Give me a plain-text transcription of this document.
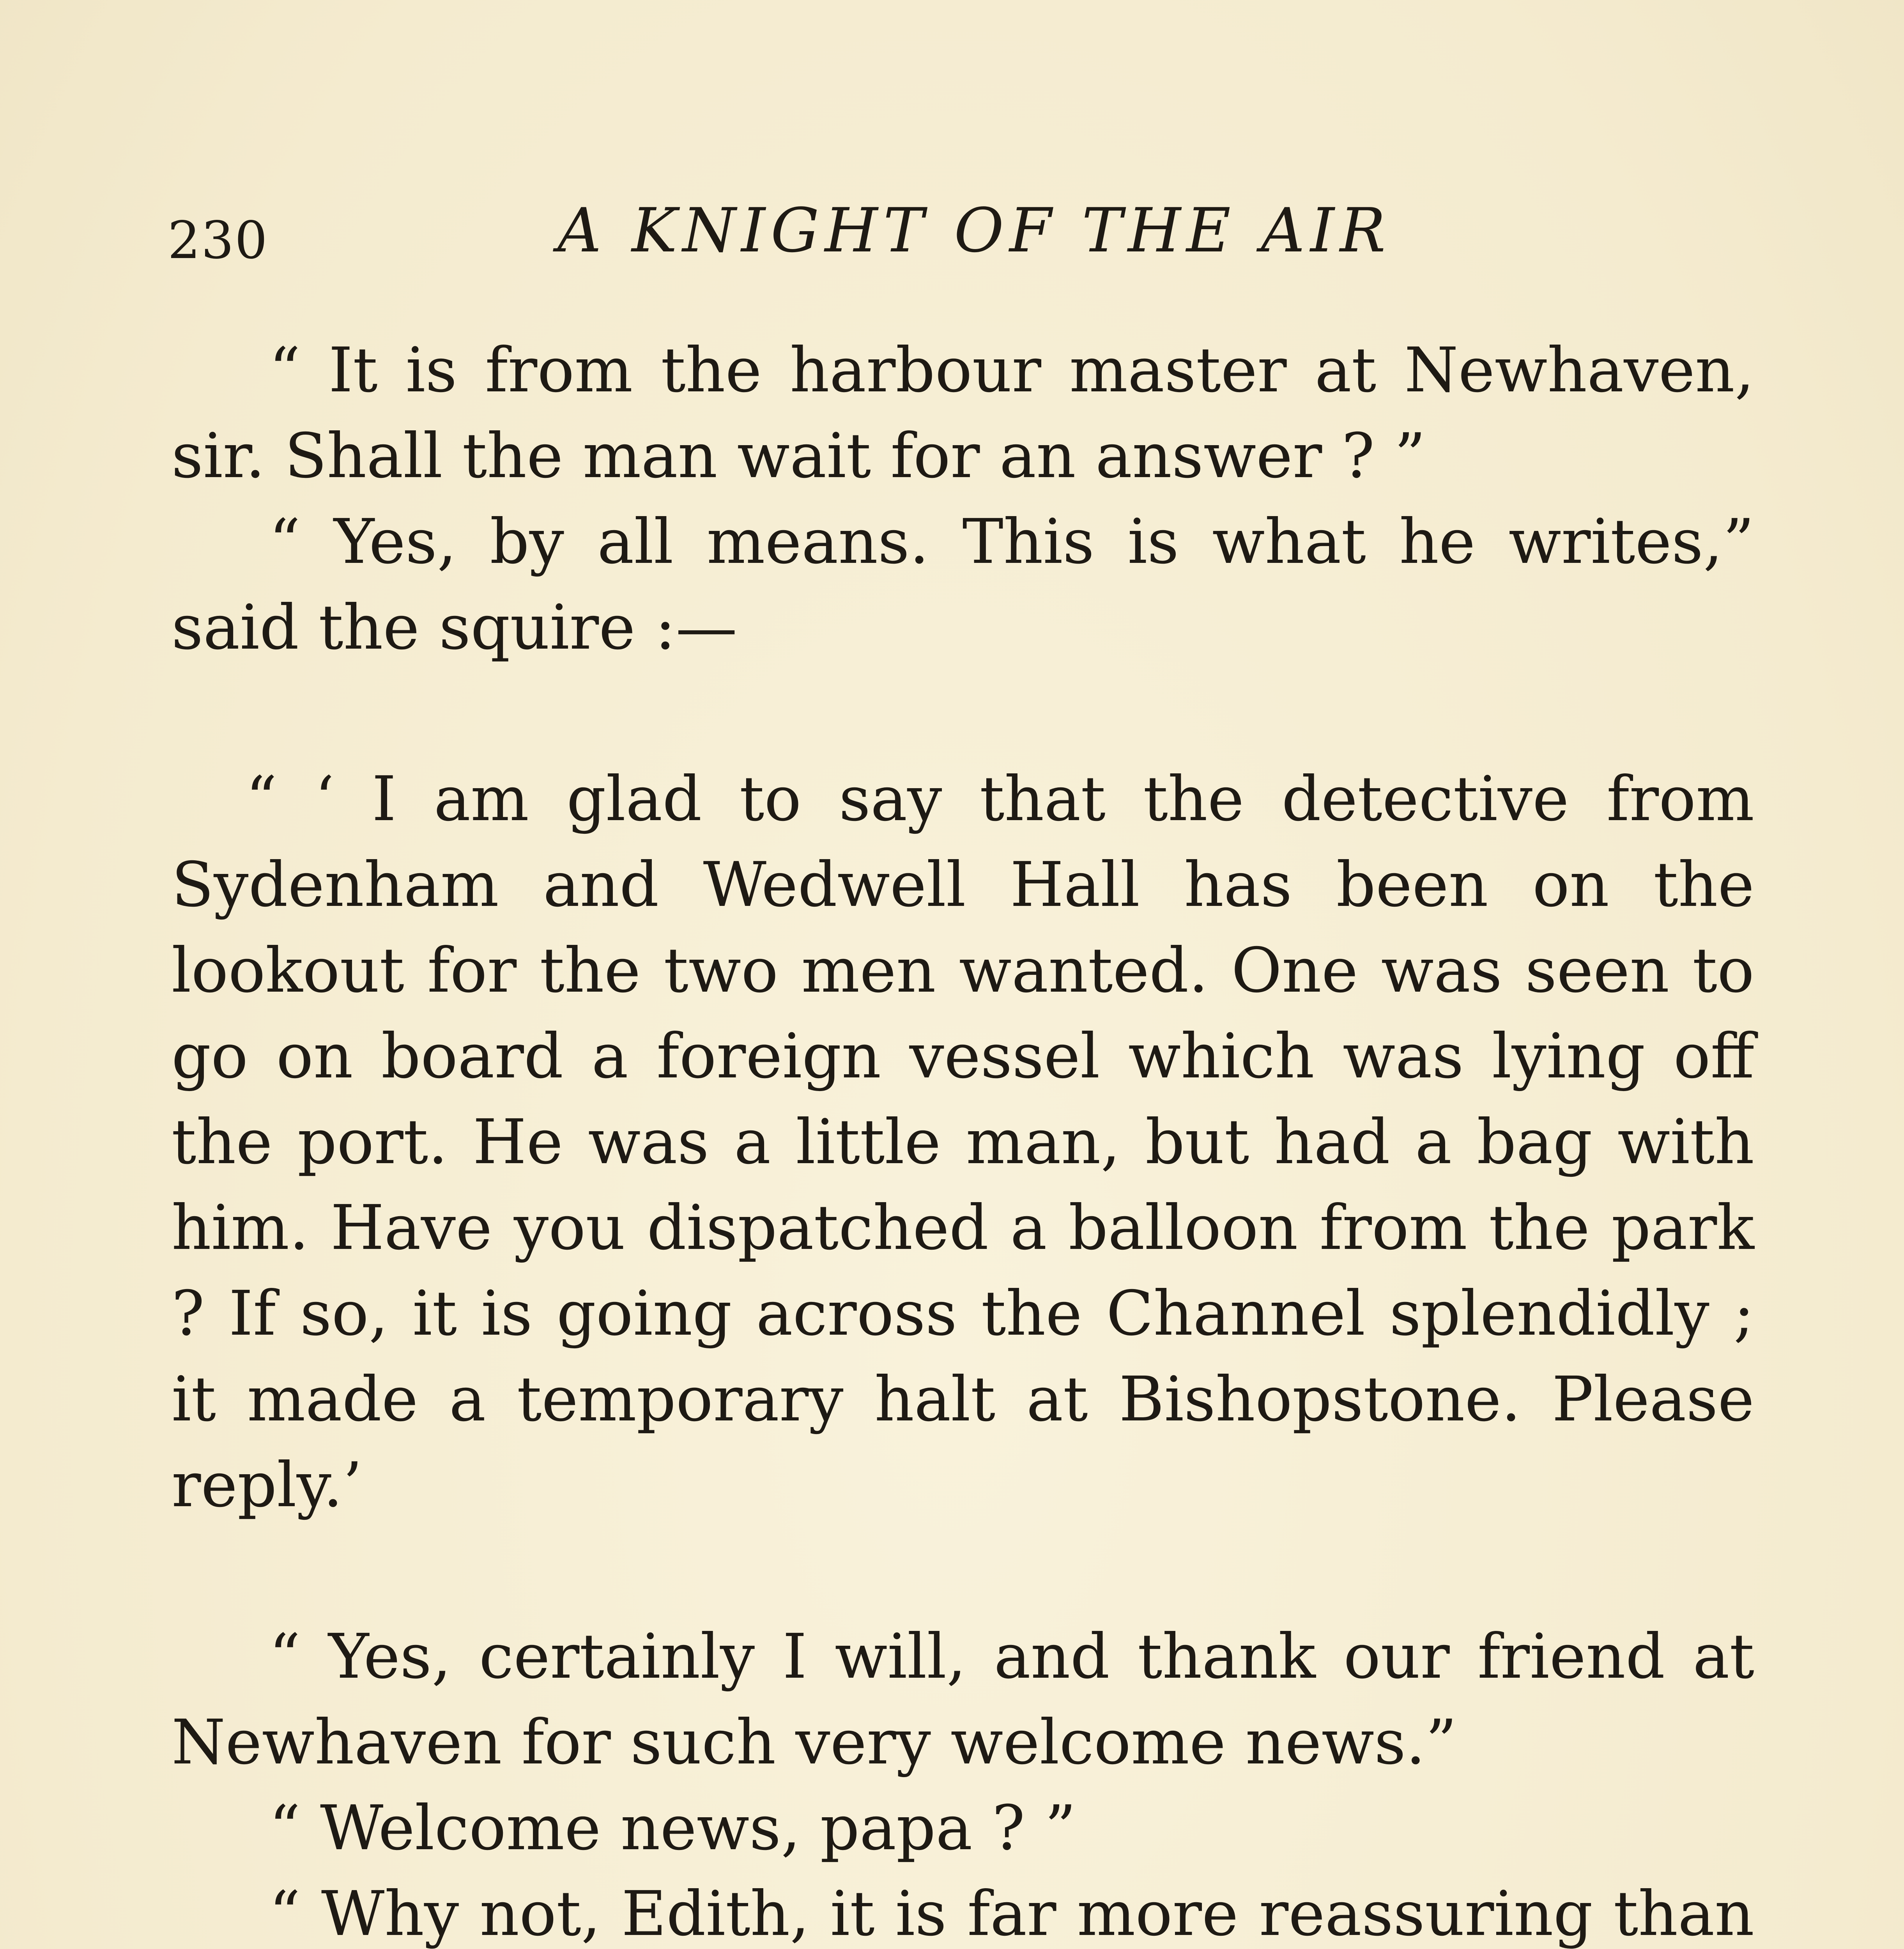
230	A KNIGHT OF THE AIR

“ It is from the harbour master at Newhaven, sir. Shall the man wait for an answer ? ”

“ Yes, by all means. This is what he writes,” said the squire :—

“ ‘ I am glad to say that the detective from Sydenham and Wedwell Hall has been on the lookout for the two men wanted. One was seen to go on board a foreign vessel which was lying off the port. He was a little man, but had a bag with him. Have you dispatched a balloon from the park ? If so, it is going across the Channel splendidly ; it made a temporary halt at Bishopstone. Please reply.’

“ Yes, certainly I will, and thank our friend at Newhaven for such very welcome news.”

“ Welcome news, papa ? ”

“ Why not, Edith, it is far more reassuring than
